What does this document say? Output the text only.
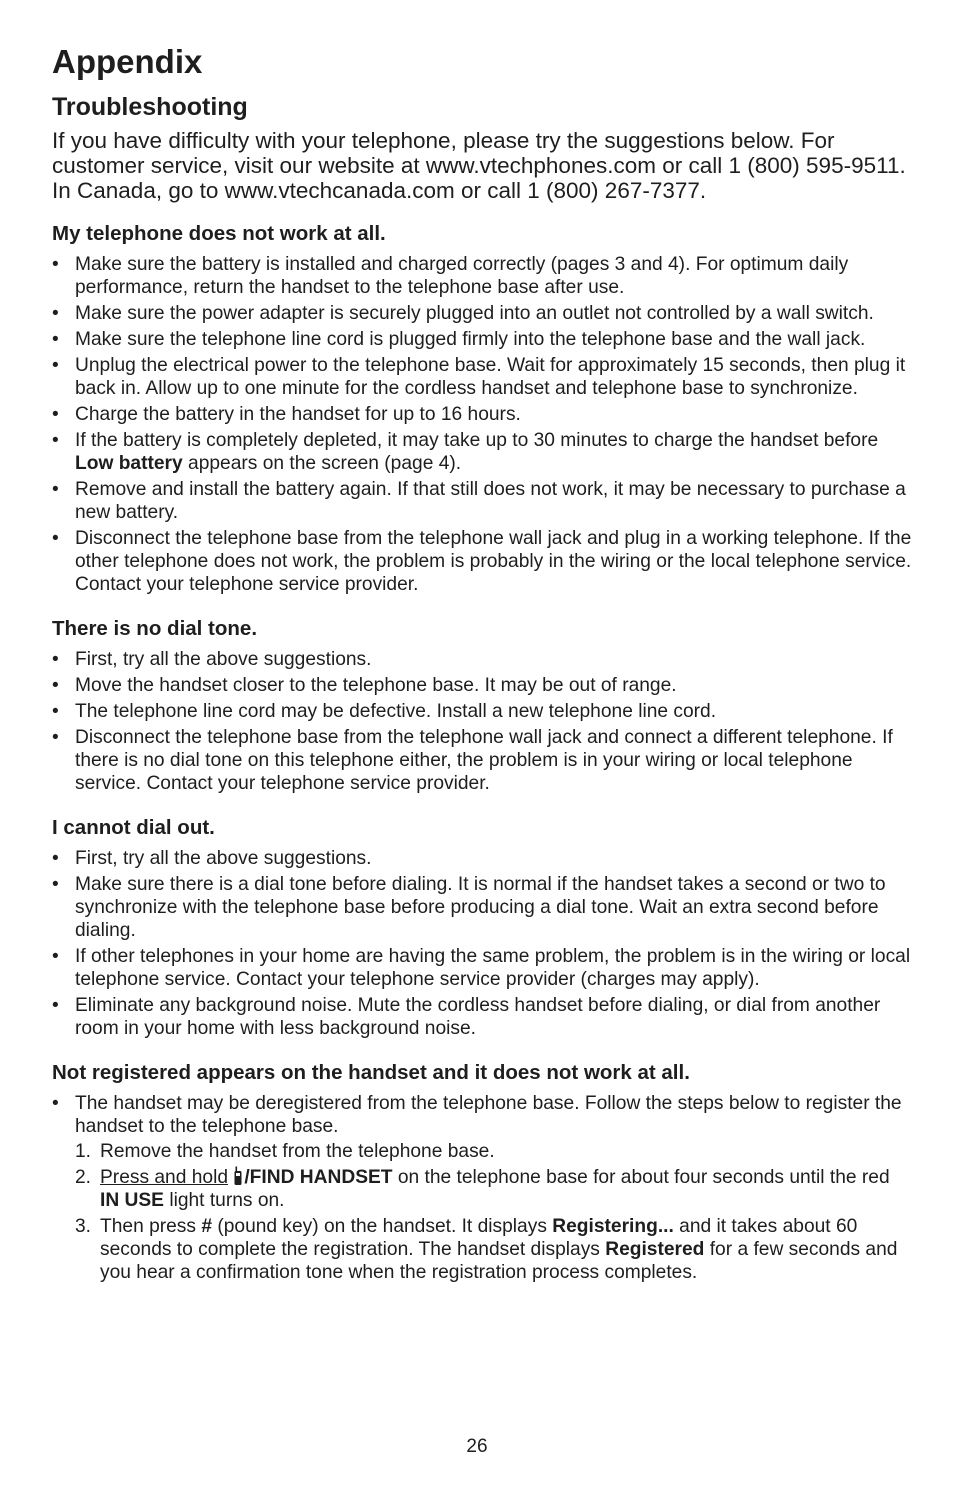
Appendix
Troubleshooting

If you have difficulty with your telephone, please try the suggestions below. For customer service, visit our website at www.vtechphones.com or call 1 (800) 595-9511. In Canada, go to www.vtechcanada.com or call 1 (800) 267-7377.

My telephone does not work at all.
• Make sure the battery is installed and charged correctly (pages 3 and 4). For optimum daily performance, return the handset to the telephone base after use.
• Make sure the power adapter is securely plugged into an outlet not controlled by a wall switch.
• Make sure the telephone line cord is plugged firmly into the telephone base and the wall jack.
• Unplug the electrical power to the telephone base. Wait for approximately 15 seconds, then plug it back in. Allow up to one minute for the cordless handset and telephone base to synchronize.
• Charge the battery in the handset for up to 16 hours.
• If the battery is completely depleted, it may take up to 30 minutes to charge the handset before Low battery appears on the screen (page 4).
• Remove and install the battery again. If that still does not work, it may be necessary to purchase a new battery.
• Disconnect the telephone base from the telephone wall jack and plug in a working telephone. If the other telephone does not work, the problem is probably in the wiring or the local telephone service. Contact your telephone service provider.
There is no dial tone.
• First, try all the above suggestions.
• Move the handset closer to the telephone base. It may be out of range.
• The telephone line cord may be defective. Install a new telephone line cord.
• Disconnect the telephone base from the telephone wall jack and connect a different telephone. If there is no dial tone on this telephone either, the problem is in your wiring or local telephone service. Contact your telephone service provider.
I cannot dial out.
• First, try all the above suggestions.
• Make sure there is a dial tone before dialing. It is normal if the handset takes a second or two to synchronize with the telephone base before producing a dial tone. Wait an extra second before dialing.
• If other telephones in your home are having the same problem, the problem is in the wiring or local telephone service. Contact your telephone service provider (charges may apply).
• Eliminate any background noise. Mute the cordless handset before dialing, or dial from another room in your home with less background noise.
Not registered appears on the handset and it does not work at all.
• The handset may be deregistered from the telephone base. Follow the steps below to register the handset to the telephone base.
1. Remove the handset from the telephone base.
2. Press and hold /FIND HANDSET on the telephone base for about four seconds until the red IN USE light turns on.
3. Then press # (pound key) on the handset. It displays Registering... and it takes about 60 seconds to complete the registration. The handset displays Registered for a few seconds and you hear a confirmation tone when the registration process completes.
26
